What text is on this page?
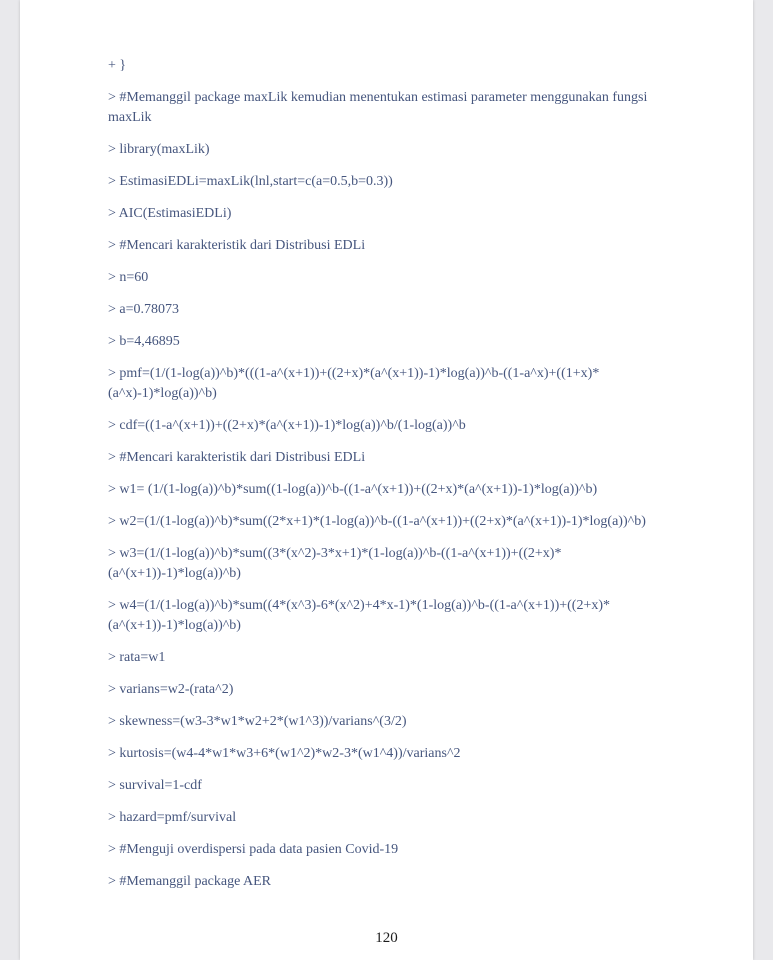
+ }
> #Memanggil package maxLik kemudian menentukan estimasi parameter menggunakan fungsi maxLik
> library(maxLik)
> EstimasiEDLi=maxLik(lnl,start=c(a=0.5,b=0.3))
> AIC(EstimasiEDLi)
> #Mencari karakteristik dari Distribusi EDLi
> n=60
> a=0.78073
> b=4,46895
> pmf=(1/(1-log(a))^b)*(((1-a^(x+1))+((2+x)*(a^(x+1))-1)*log(a))^b-((1-a^x)+((1+x)*(a^x)-1)*log(a))^b)
> cdf=((1-a^(x+1))+((2+x)*(a^(x+1))-1)*log(a))^b/(1-log(a))^b
> #Mencari karakteristik dari Distribusi EDLi
> w1= (1/(1-log(a))^b)*sum((1-log(a))^b-((1-a^(x+1))+((2+x)*(a^(x+1))-1)*log(a))^b)
> w2=(1/(1-log(a))^b)*sum((2*x+1)*(1-log(a))^b-((1-a^(x+1))+((2+x)*(a^(x+1))-1)*log(a))^b)
> w3=(1/(1-log(a))^b)*sum((3*(x^2)-3*x+1)*(1-log(a))^b-((1-a^(x+1))+((2+x)*(a^(x+1))-1)*log(a))^b)
> w4=(1/(1-log(a))^b)*sum((4*(x^3)-6*(x^2)+4*x-1)*(1-log(a))^b-((1-a^(x+1))+((2+x)*(a^(x+1))-1)*log(a))^b)
> rata=w1
> varians=w2-(rata^2)
> skewness=(w3-3*w1*w2+2*(w1^3))/varians^(3/2)
> kurtosis=(w4-4*w1*w3+6*(w1^2)*w2-3*(w1^4))/varians^2
> survival=1-cdf
> hazard=pmf/survival
> #Menguji overdispersi pada data pasien Covid-19
> #Memanggil package AER
120
